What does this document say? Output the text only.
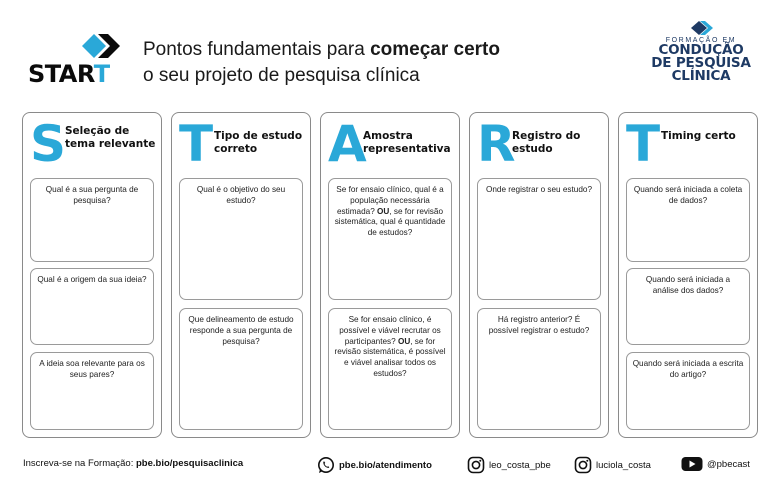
START
Pontos fundamentais para começar certo
o seu projeto de pesquisa clínica
FORMAÇÃO EM
CONDUÇÃO
DE PESQUISA
CLÍNICA
S
Seleção de tema relevante
Qual é a sua pergunta de pesquisa?
Qual é a origem da sua ideia?
A ideia soa relevante para os seus pares?
T Tipo de estudo correto
Qual é o objetivo do seu estudo?
Que delineamento de estudo responde a sua pergunta de pesquisa?
A
Amostra representativa
Se for ensaio clínico, qual é a população necessária estimada? OU, se for revisão sistemática, qual é quantidade de estudos?
Se for ensaio clínico, é possível e viável recrutar os participantes? OU, se for revisão sistemática, é possível e viável analisar todos os estudos?
R
Registro do estudo
Onde registrar o seu estudo?
Há registro anterior? É possível registrar o estudo?
T Timing certo
Quando será iniciada a coleta de dados?
Quando será iniciada a análise dos dados?
Quando será iniciada a escrita do artigo?
Inscreva-se na Formação:
pbe.bio/pesquisaclinica	pbe.bio/atendimento	leo_costa_pbe	luciola_costa	@pbecast
